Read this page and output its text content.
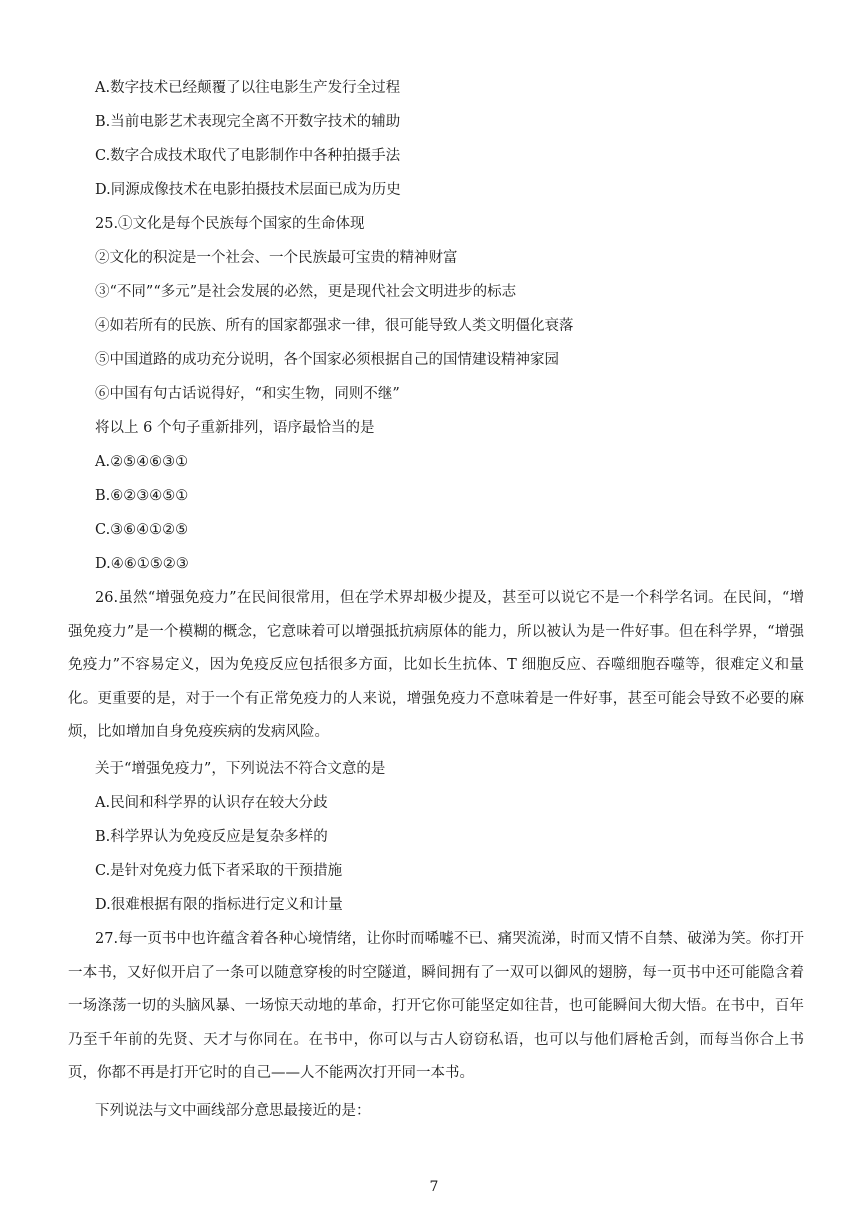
A.数字技术已经颠覆了以往电影生产发行全过程
B.当前电影艺术表现完全离不开数字技术的辅助
C.数字合成技术取代了电影制作中各种拍摄手法
D.同源成像技术在电影拍摄技术层面已成为历史
25.①文化是每个民族每个国家的生命体现
②文化的积淀是一个社会、一个民族最可宝贵的精神财富
③“不同”“多元”是社会发展的必然，更是现代社会文明进步的标志
④如若所有的民族、所有的国家都强求一律，很可能导致人类文明僵化衰落
⑤中国道路的成功充分说明，各个国家必须根据自己的国情建设精神家园
⑥中国有句古话说得好，“和实生物，同则不继”
将以上 6 个句子重新排列，语序最恰当的是
A.②⑤④⑥③①
B.⑥②③④⑤①
C.③⑥④①②⑤
D.④⑥①⑤②③
26.虽然“增强免疫力”在民间很常用，但在学术界却极少提及，甚至可以说它不是一个科学名词。在民间，“增强免疫力”是一个模糊的概念，它意味着可以增强抵抗病原体的能力，所以被认为是一件好事。但在科学界，“增强免疫力”不容易定义，因为免疫反应包括很多方面，比如长生抗体、T 细胞反应、吞噬细胞吞噬等，很难定义和量化。更重要的是，对于一个有正常免疫力的人来说，增强免疫力不意味着是一件好事，甚至可能会导致不必要的麻烦，比如增加自身免疫疾病的发病风险。
关于“增强免疫力”，下列说法不符合文意的是
A.民间和科学界的认识存在较大分歧
B.科学界认为免疫反应是复杂多样的
C.是针对免疫力低下者采取的干预措施
D.很难根据有限的指标进行定义和计量
27.每一页书中也许蕴含着各种心境情绪，让你时而唏嘘不已、痛哭流涕，时而又情不自禁、破涕为笑。你打开一本书，又好似开启了一条可以随意穿梭的时空隧道，瞬间拥有了一双可以御风的翅膀，每一页书中还可能隐含着一场涤荡一切的头脑风暴、一场惊天动地的革命，打开它你可能坚定如往昔，也可能瞬间大彻大悟。在书中，百年乃至千年前的先贤、天才与你同在。在书中，你可以与古人窃窃私语，也可以与他们唇枪舌剑，而每当你合上书页，你都不再是打开它时的自己——人不能两次打开同一本书。
下列说法与文中画线部分意思最接近的是：
7
